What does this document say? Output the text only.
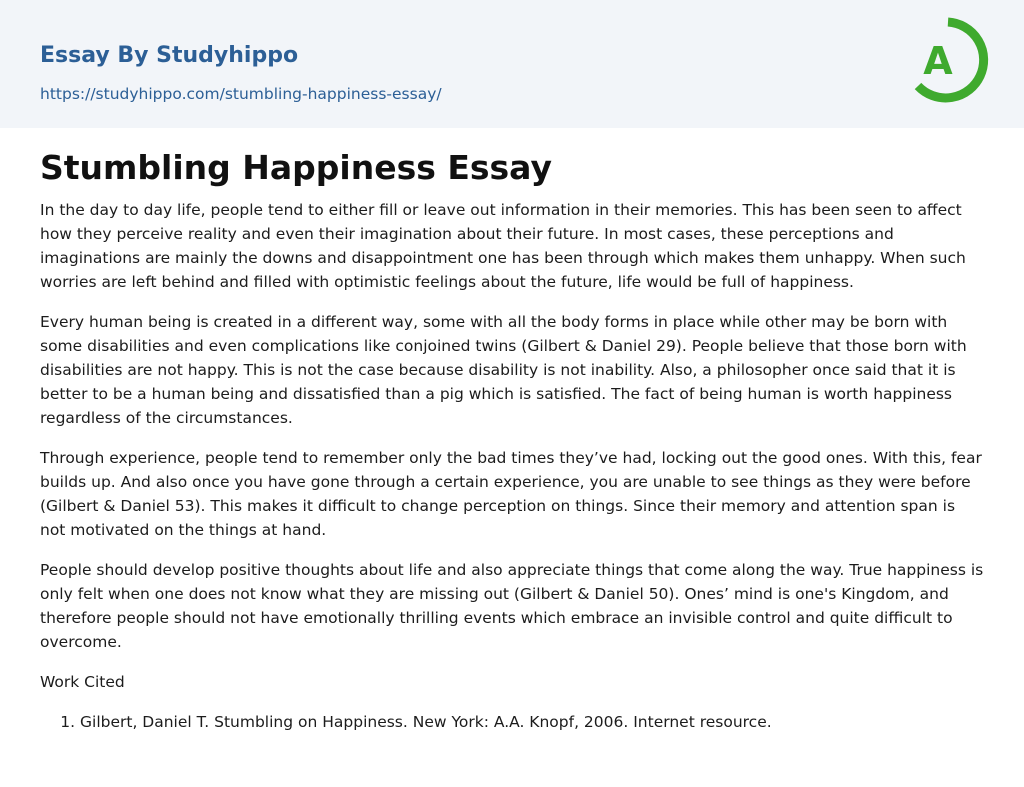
Essay By Studyhippo
https://studyhippo.com/stumbling-happiness-essay/
A
Stumbling Happiness Essay

In the day to day life, people tend to either fill or leave out information in their memories. This has been seen to affect how they perceive reality and even their imagination about their future. In most cases, these perceptions and imaginations are mainly the downs and disappointment one has been through which makes them unhappy. When such worries are left behind and filled with optimistic feelings about the future, life would be full of happiness.

Every human being is created in a different way, some with all the body forms in place while other may be born with some disabilities and even complications like conjoined twins (Gilbert & Daniel 29). People believe that those born with disabilities are not happy. This is not the case because disability is not inability. Also, a philosopher once said that it is better to be a human being and dissatisfied than a pig which is satisfied. The fact of being human is worth happiness regardless of the circumstances.

Through experience, people tend to remember only the bad times they’ve had, locking out the good ones. With this, fear builds up. And also once you have gone through a certain experience, you are unable to see things as they were before (Gilbert & Daniel 53). This makes it difficult to change perception on things. Since their memory and attention span is not motivated on the things at hand.

People should develop positive thoughts about life and also appreciate things that come along the way. True happiness is only felt when one does not know what they are missing out (Gilbert & Daniel 50). Ones’ mind is one's Kingdom, and therefore people should not have emotionally thrilling events which embrace an invisible control and quite difficult to overcome.

Work Cited

1. Gilbert, Daniel T. Stumbling on Happiness. New York: A.A. Knopf, 2006. Internet resource.
